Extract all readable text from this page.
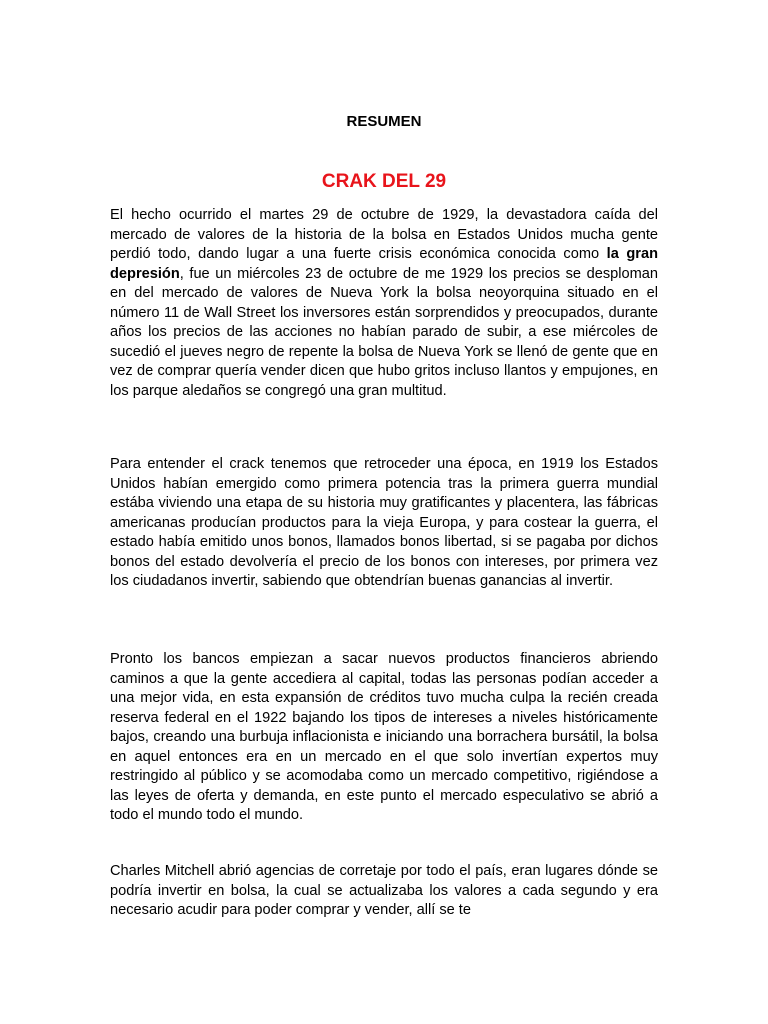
RESUMEN
CRAK DEL 29

El hecho ocurrido el martes 29 de octubre de 1929, la devastadora caída del mercado de valores de la historia de la bolsa en Estados Unidos mucha gente perdió todo, dando lugar a una fuerte crisis económica conocida como la gran depresión, fue un miércoles 23 de octubre de me 1929 los precios se desploman en del mercado de valores de Nueva York la bolsa neoyorquina situado en el número 11 de Wall Street los inversores están sorprendidos y preocupados, durante años los precios de las acciones no habían parado de subir, a ese miércoles de sucedió el jueves negro de repente la bolsa de Nueva York se llenó de gente que en vez de comprar quería vender dicen que hubo gritos incluso llantos y empujones, en los parque aledaños se congregó una gran multitud.

Para entender el crack tenemos que retroceder una época, en 1919 los Estados Unidos habían emergido como primera potencia tras la primera guerra mundial estába viviendo una etapa de su historia muy gratificantes y placentera, las fábricas americanas producían productos para la vieja Europa, y para costear la guerra, el estado había emitido unos bonos, llamados bonos libertad, si se pagaba por dichos bonos del estado devolvería el precio de los bonos con intereses, por primera vez los ciudadanos invertir, sabiendo que obtendrían buenas ganancias al invertir.

Pronto los bancos empiezan a sacar nuevos productos financieros abriendo caminos a que la gente accediera al capital, todas las personas podían acceder a una mejor vida, en esta expansión de créditos tuvo mucha culpa la recién creada reserva federal en el 1922 bajando los tipos de intereses a niveles históricamente bajos, creando una burbuja inflacionista e iniciando una borrachera bursátil, la bolsa en aquel entonces era en un mercado en el que solo invertían expertos muy restringido al público y se acomodaba como un mercado competitivo, rigiéndose a las leyes de oferta y demanda, en este punto el mercado especulativo se abrió a todo el mundo todo el mundo.

Charles Mitchell abrió agencias de corretaje por todo el país, eran lugares dónde se podría invertir en bolsa, la cual se actualizaba los valores a cada segundo y era necesario acudir para poder comprar y vender, allí se te
